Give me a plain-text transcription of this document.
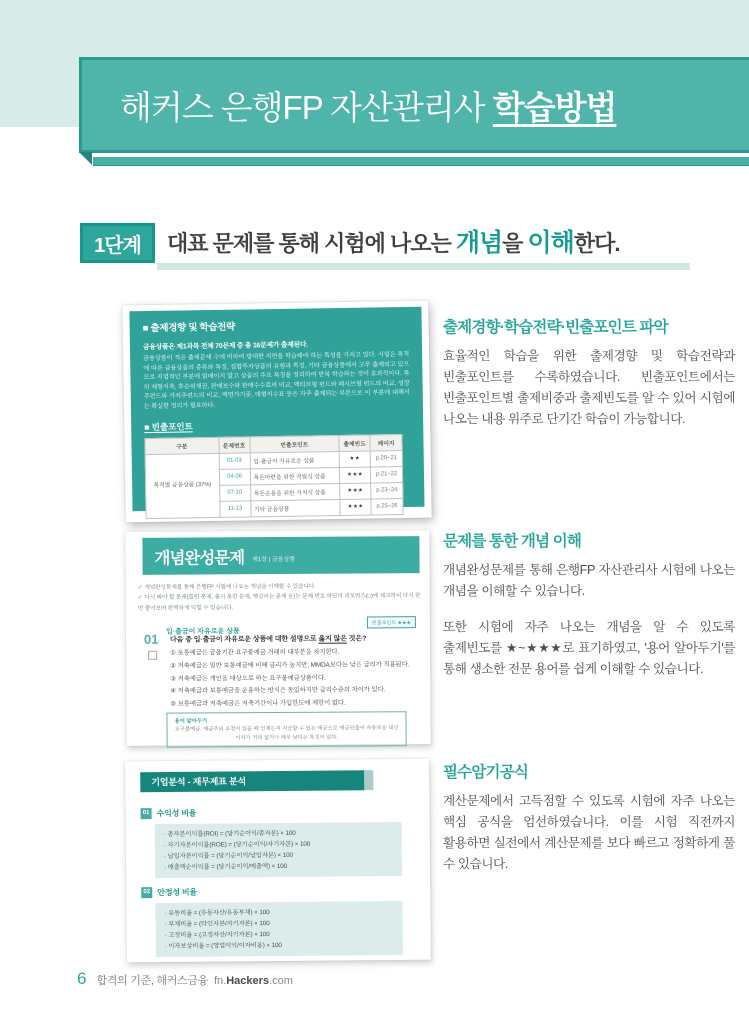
해커스 은행FP 자산관리사 학습방법
1단계 대표 문제를 통해 시험에 나오는 개념을 이해한다.
■ 출제경향 및 학습전략
금융상품은 제1과목 전체 70문제 중 총 16문제가 출제된다.
금융상품이 적은 출제문제 수에 비하여 방대한 지면을 학습해야 하는 특성을 가지고 있다. 시험은 목적에 따른 금융상품의 종류와 특징, 집합투자상품의 유형과 특징, 기타 금융상품에서 고루 출제되고 있으므로 지엽적인 부분에 얽매이지 말고 상품의 주요 특징을 정리하여 반복 학습하는 것이 효과적이다. 특히 재형저축, 후순위채권, 판매보수와 판매수수료의 비교, 액티브형 펀드와 패시브형 펀드의 비교, 성장주펀드와 가치주펀드의 비교, 액면가기준, 대형지수표 등은 자주 출제되는 부분으로 이 부분에 대해서는 확실한 정리가 필요하다.
■ 빈출포인트
구분	문제번호	빈출포인트	출제빈도	페이지
목적별 금융상품 (37%)	01-03	입·출금이 자유로운 상품	★★	p.20~21
	04-06	목돈마련을 위한 적립식 상품	★★★	p.21~22
	07-10	목돈운용을 위한 거치식 상품	★★★	p.23~24
	11-13	기타 금융상품	★★★	p.25~26
출제경향·학습전략·빈출포인트 파악
효율적인 학습을 위한 출제경향 및 학습전략과 빈출포인트를 수록하였습니다. 빈출포인트에서는 빈출포인트별 출제비중과 출제빈도를 알 수 있어 시험에 나오는 내용 위주로 단기간 학습이 가능합니다.
개념완성문제 제1장 | 금융상품
✓ 개념완성문제를 통해 은행FP 시험에 나오는 개념을 이해할 수 있습니다.
✓ 다시 봐야 할 문제(틀린 문제, 풀지 못한 문제, 헷갈리는 문제 등)는 문제 번호 하단의 네모박스(□)에 체크하여 다시 한번 풀어보며 완벽하게 익힐 수 있습니다.
입·출금이 자유로운 상품
빈출포인트 ★★★
01 다음 중 입·출금이 자유로운 상품에 대한 설명으로 옳지 않은 것은?
① 보통예금은 금융기관 요구불예금 거래의 대부분을 차지한다.
② 저축예금은 일반 보통예금에 비해 금리가 높지만, MMDA보다는 낮은 금리가 적용된다.
③ 저축예금은 개인을 대상으로 하는 요구불예금상품이다.
④ 저축예금과 보통예금을 운용하는 방식은 동일하지만 금리수준의 차이가 있다.
⑤ 보통예금과 저축예금은 저축기간이나 가입한도에 제한이 없다.
용어 알아두기
요구불예금: 예금주의 요청이 있을 때 언제든지 지급할 수 있는 예금으로 예금인출이 자유로운 대신 이자가 거의 없거나 매우 낮다는 특징이 있다.
문제를 통한 개념 이해
개념완성문제를 통해 은행FP 자산관리사 시험에 나오는 개념을 이해할 수 있습니다.
또한 시험에 자주 나오는 개념을 알 수 있도록 출제빈도를 ★~★★★로 표기하였고, '용어 알아두기'를 통해 생소한 전문 용어를 쉽게 이해할 수 있습니다.
기업분석 - 재무제표 분석
01 수익성 비율
· 총자본이익률(ROI) = (당기순이익/총자본) × 100
· 자기자본이익률(ROE) = (당기순이익/자기자본) × 100
· 납입자본이익률 = (당기순이익/납입자본) × 100
· 매출액순이익률 = (당기순이익/매출액) × 100
02 안정성 비율
· 유동비율 = (유동자산/유동부채) × 100
· 부채비율 = (타인자본/자기자본) × 100
· 고정비율 = (고정자산/자기자본) × 100
· 이자보상비율 = (영업이익/이자비용) × 100
필수암기공식
계산문제에서 고득점할 수 있도록 시험에 자주 나오는 핵심 공식을 엄선하였습니다. 이를 시험 직전까지 활용하면 실전에서 계산문제를 보다 빠르고 정확하게 풀 수 있습니다.
6 합격의 기준, 해커스금융 fn.Hackers.com
